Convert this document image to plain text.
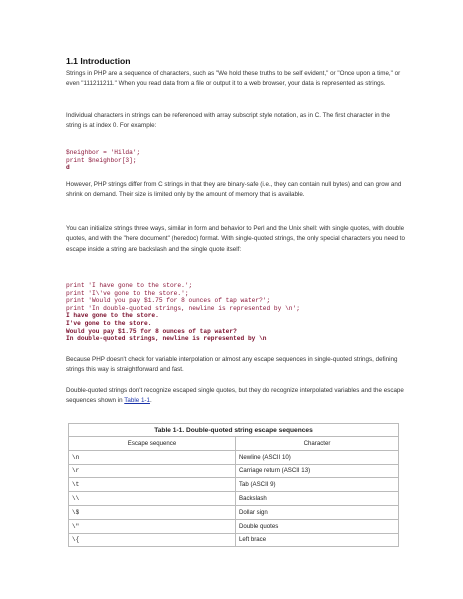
1.1 Introduction

Strings in PHP are a sequence of characters, such as "We hold these truths to be self evident," or "Once upon a time," or even "111211211." When you read data from a file or output it to a web browser, your data is represented as strings.

Individual characters in strings can be referenced with array subscript style notation, as in C. The first character in the string is at index 0. For example:

$neighbor = 'Hilda';
print $neighbor[3];
d

However, PHP strings differ from C strings in that they are binary-safe (i.e., they can contain null bytes) and can grow and shrink on demand. Their size is limited only by the amount of memory that is available.

You can initialize strings three ways, similar in form and behavior to Perl and the Unix shell: with single quotes, with double quotes, and with the "here document" (heredoc) format. With single-quoted strings, the only special characters you need to escape inside a string are backslash and the single quote itself:

print 'I have gone to the store.';
print 'I\'ve gone to the store.';
print 'Would you pay $1.75 for 8 ounces of tap water?';
print 'In double-quoted strings, newline is represented by \n';
I have gone to the store.
I've gone to the store.
Would you pay $1.75 for 8 ounces of tap water?
In double-quoted strings, newline is represented by \n

Because PHP doesn't check for variable interpolation or almost any escape sequences in single-quoted strings, defining strings this way is straightforward and fast.

Double-quoted strings don't recognize escaped single quotes, but they do recognize interpolated variables and the escape sequences shown in Table 1-1.

Table 1-1. Double-quoted string escape sequences
Escape sequence	Character
\n	Newline (ASCII 10)
\r	Carriage return (ASCII 13)
\t	Tab (ASCII 9)
\\	Backslash
\$	Dollar sign
\"	Double quotes
\{	Left brace
